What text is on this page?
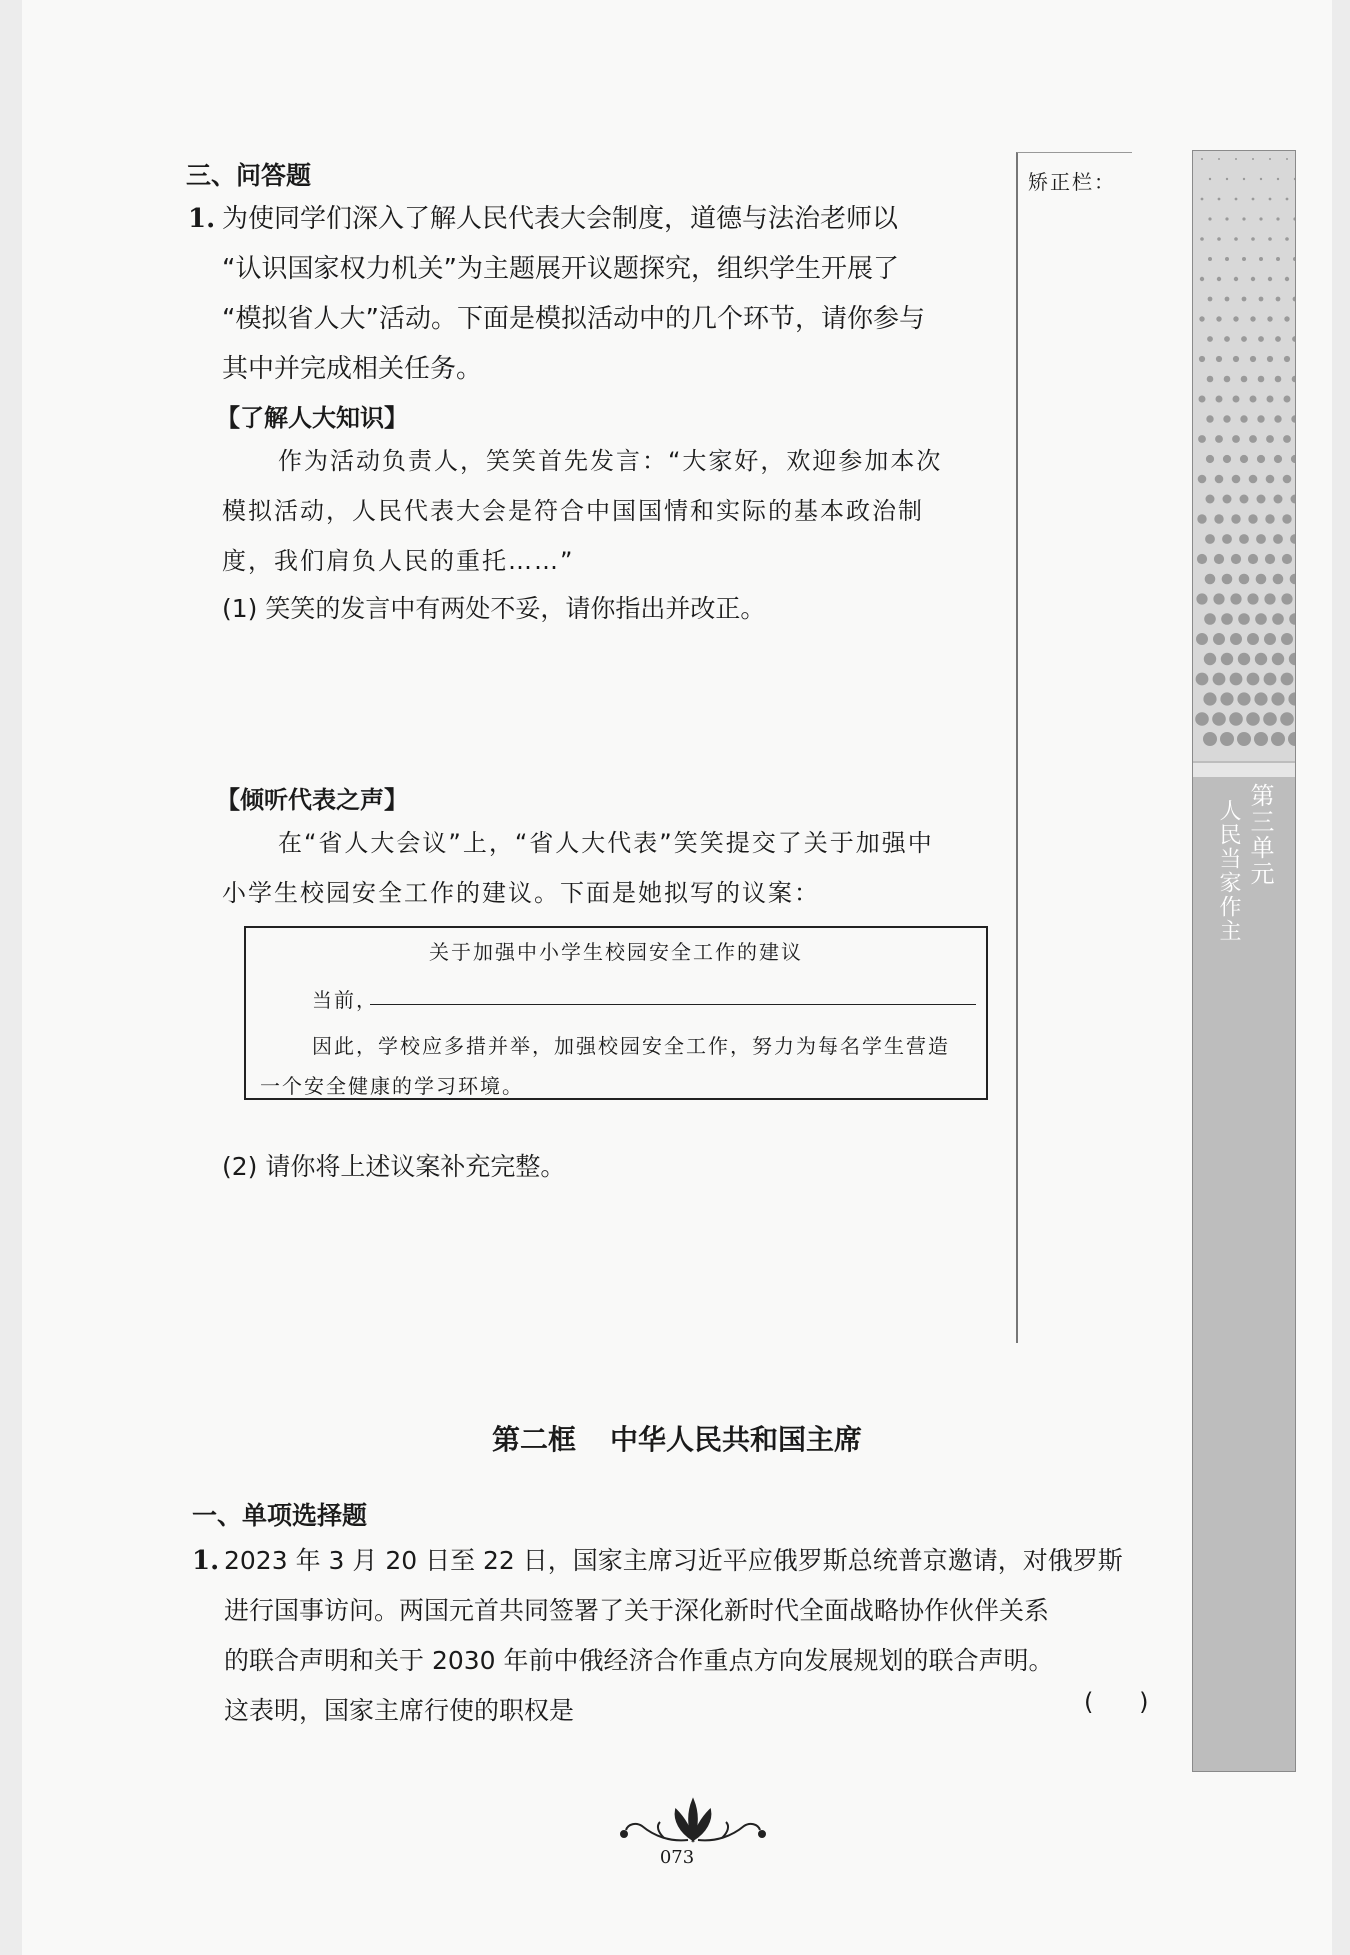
三、问答题
1. 为使同学们深入了解人民代表大会制度，道德与法治老师以
“认识国家权力机关”为主题展开议题探究，组织学生开展了
“模拟省人大”活动。下面是模拟活动中的几个环节，请你参与
其中并完成相关任务。
【了解人大知识】
作为活动负责人，笑笑首先发言：“大家好，欢迎参加本次
模拟活动，人民代表大会是符合中国国情和实际的基本政治制
度，我们肩负人民的重托……”
(1) 笑笑的发言中有两处不妥，请你指出并改正。
【倾听代表之声】
在“省人大会议”上，“省人大代表”笑笑提交了关于加强中
小学生校园安全工作的建议。下面是她拟写的议案：
关于加强中小学生校园安全工作的建议
当前，
因此，学校应多措并举，加强校园安全工作，努力为每名学生营造
一个安全健康的学习环境。
(2) 请你将上述议案补充完整。
矫正栏：
第三单元
人民当家作主
第二框 中华人民共和国主席
一、单项选择题
1. 2023 年 3 月 20 日至 22 日，国家主席习近平应俄罗斯总统普京邀请，对俄罗斯
进行国事访问。两国元首共同签署了关于深化新时代全面战略协作伙伴关系
的联合声明和关于 2030 年前中俄经济合作重点方向发展规划的联合声明。
这表明，国家主席行使的职权是	(      )
073
